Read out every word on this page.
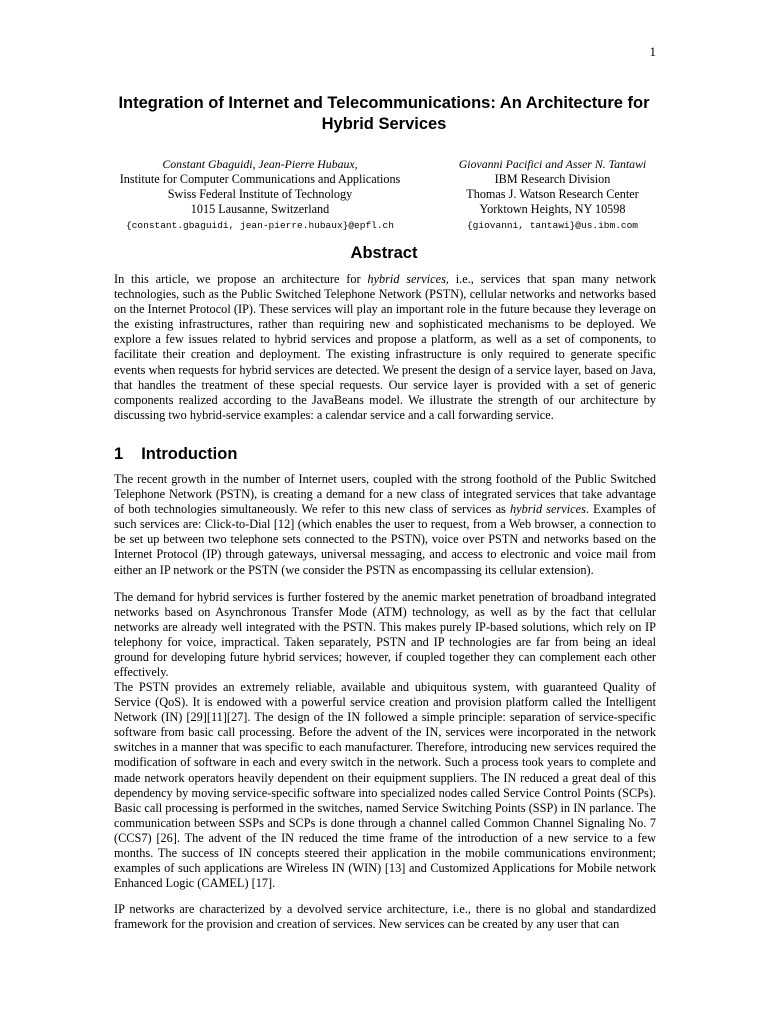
1
Integration of Internet and Telecommunications: An Architecture for Hybrid Services
Constant Gbaguidi, Jean-Pierre Hubaux,
Institute for Computer Communications and Applications
Swiss Federal Institute of Technology
1015 Lausanne, Switzerland
{constant.gbaguidi, jean-pierre.hubaux}@epfl.ch
Giovanni Pacifici and Asser N. Tantawi
IBM Research Division
Thomas J. Watson Research Center
Yorktown Heights, NY 10598
{giovanni, tantawi}@us.ibm.com
Abstract

In this article, we propose an architecture for hybrid services, i.e., services that span many network technologies, such as the Public Switched Telephone Network (PSTN), cellular networks and networks based on the Internet Protocol (IP). These services will play an important role in the future because they leverage on the existing infrastructures, rather than requiring new and sophisticated mechanisms to be deployed. We explore a few issues related to hybrid services and propose a platform, as well as a set of components, to facilitate their creation and deployment. The existing infrastructure is only required to generate specific events when requests for hybrid services are detected. We present the design of a service layer, based on Java, that handles the treatment of these special requests. Our service layer is provided with a set of generic components realized according to the JavaBeans model. We illustrate the strength of our architecture by discussing two hybrid-service examples: a calendar service and a call forwarding service.

1 Introduction

The recent growth in the number of Internet users, coupled with the strong foothold of the Public Switched Telephone Network (PSTN), is creating a demand for a new class of integrated services that take advantage of both technologies simultaneously. We refer to this new class of services as hybrid services. Examples of such services are: Click-to-Dial [12] (which enables the user to request, from a Web browser, a connection to be set up between two telephone sets connected to the PSTN), voice over PSTN and networks based on the Internet Protocol (IP) through gateways, universal messaging, and access to electronic and voice mail from either an IP network or the PSTN (we consider the PSTN as encompassing its cellular extension).

The demand for hybrid services is further fostered by the anemic market penetration of broadband integrated networks based on Asynchronous Transfer Mode (ATM) technology, as well as by the fact that cellular networks are already well integrated with the PSTN. This makes purely IP-based solutions, which rely on IP telephony for voice, impractical. Taken separately, PSTN and IP technologies are far from being an ideal ground for developing future hybrid services; however, if coupled together they can complement each other effectively.

The PSTN provides an extremely reliable, available and ubiquitous system, with guaranteed Quality of Service (QoS). It is endowed with a powerful service creation and provision platform called the Intelligent Network (IN) [29][11][27]. The design of the IN followed a simple principle: separation of service-specific software from basic call processing. Before the advent of the IN, services were incorporated in the network switches in a manner that was specific to each manufacturer. Therefore, introducing new services required the modification of software in each and every switch in the network. Such a process took years to complete and made network operators heavily dependent on their equipment suppliers. The IN reduced a great deal of this dependency by moving service-specific software into specialized nodes called Service Control Points (SCPs). Basic call processing is performed in the switches, named Service Switching Points (SSP) in IN parlance. The communication between SSPs and SCPs is done through a channel called Common Channel Signaling No. 7 (CCS7) [26]. The advent of the IN reduced the time frame of the introduction of a new service to a few months. The success of IN concepts steered their application in the mobile communications environment; examples of such applications are Wireless IN (WIN) [13] and Customized Applications for Mobile network Enhanced Logic (CAMEL) [17].

IP networks are characterized by a devolved service architecture, i.e., there is no global and standardized framework for the provision and creation of services. New services can be created by any user that can
